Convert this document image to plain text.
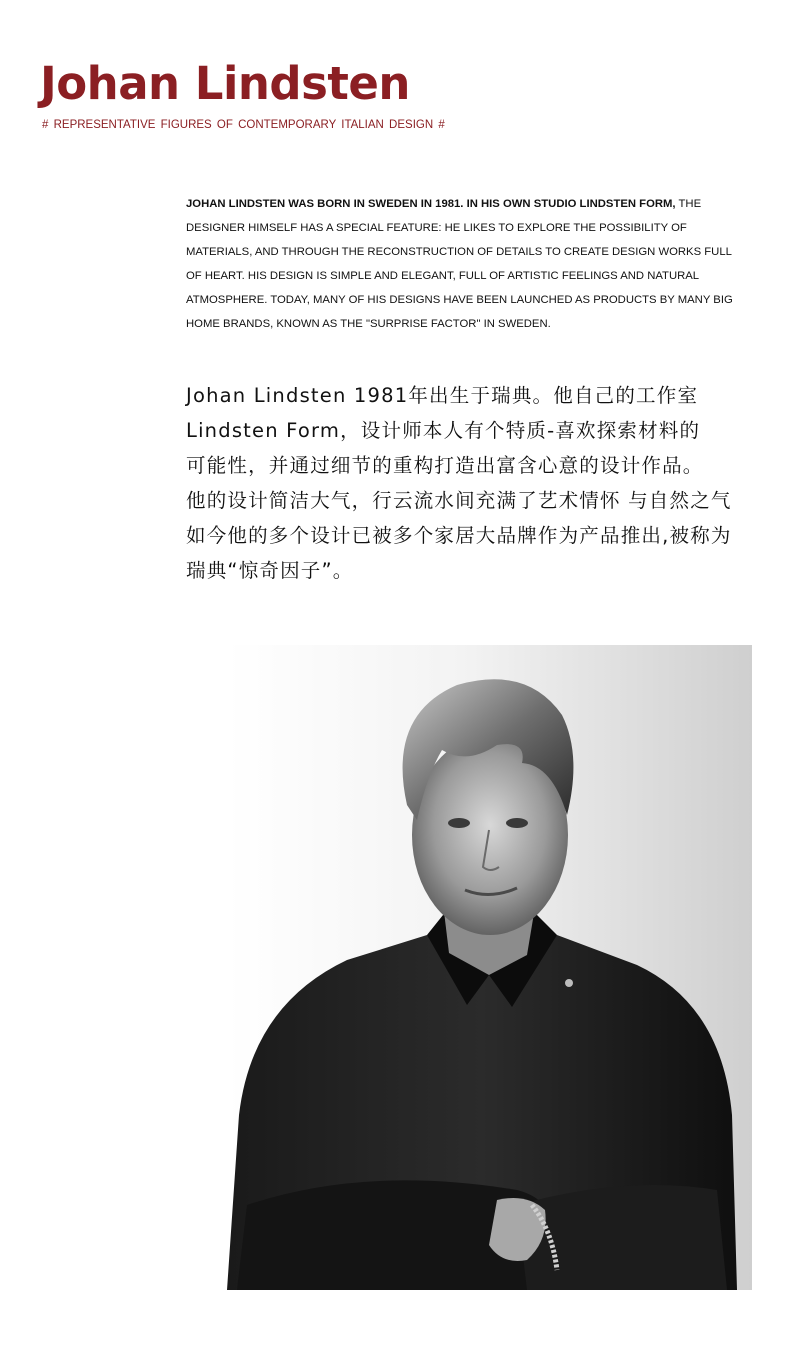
Johan Lindsten

# REPRESENTATIVE FIGURES OF CONTEMPORARY ITALIAN DESIGN #

JOHAN LINDSTEN WAS BORN IN SWEDEN IN 1981. IN HIS OWN STUDIO LINDSTEN FORM, THE
DESIGNER HIMSELF HAS A SPECIAL FEATURE: HE LIKES TO EXPLORE THE POSSIBILITY OF
MATERIALS, AND THROUGH THE RECONSTRUCTION OF DETAILS TO CREATE DESIGN WORKS FULL
OF HEART. HIS DESIGN IS SIMPLE AND ELEGANT, FULL OF ARTISTIC FEELINGS AND NATURAL
ATMOSPHERE. TODAY, MANY OF HIS DESIGNS HAVE BEEN LAUNCHED AS PRODUCTS BY MANY BIG
HOME BRANDS, KNOWN AS THE "SURPRISE FACTOR" IN SWEDEN.
Johan Lindsten 1981年出生于瑞典。他自己的工作室
Lindsten Form，设计师本人有个特质-喜欢探索材料的
可能性，并通过细节的重构打造出富含心意的设计作品。
他的设计简洁大气，行云流水间充满了艺术情怀 与自然之气
如今他的多个设计已被多个家居大品牌作为产品推出,被称为
瑞典“惊奇因子”。
